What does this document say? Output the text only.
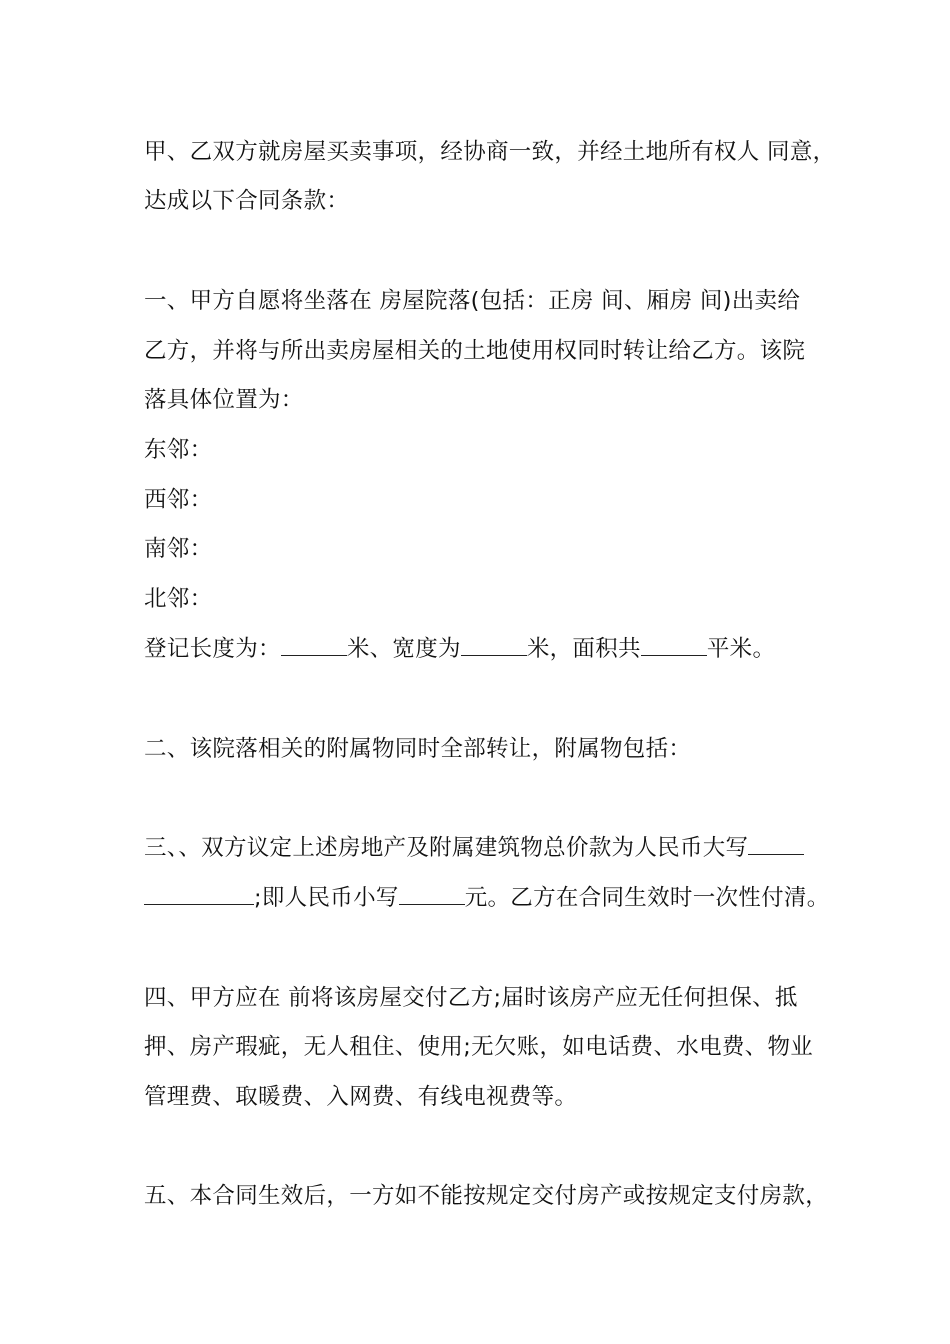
甲、乙双方就房屋买卖事项，经协商一致，并经土地所有权人 同意，
达成以下合同条款：
一、甲方自愿将坐落在 房屋院落(包括：正房 间、厢房 间)出卖给
乙方，并将与所出卖房屋相关的土地使用权同时转让给乙方。该院
落具体位置为：
东邻：
西邻：
南邻：
北邻：
登记长度为：	米、宽度为	米，面积共	平米。
二、该院落相关的附属物同时全部转让，附属物包括：
三、、双方议定上述房地产及附属建筑物总价款为人民币大写
;即人民币小写	元。乙方在合同生效时一次性付清。
四、甲方应在 前将该房屋交付乙方;届时该房产应无任何担保、抵
押、房产瑕疵，无人租住、使用;无欠账，如电话费、水电费、物业
管理费、取暖费、入网费、有线电视费等。
五、本合同生效后，一方如不能按规定交付房产或按规定支付房款，
